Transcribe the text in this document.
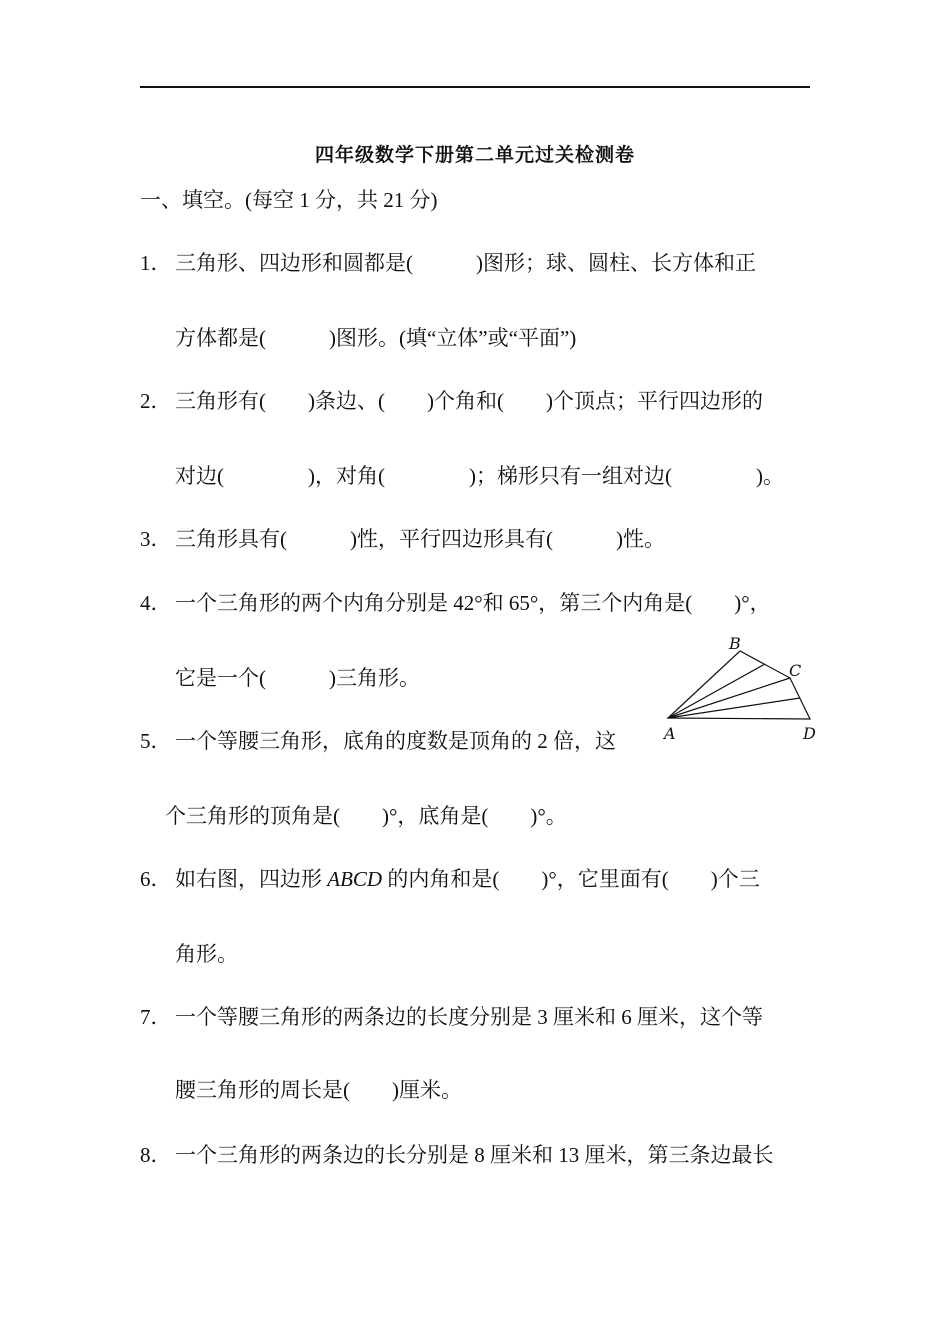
四年级数学下册第二单元过关检测卷
一、填空。(每空 1 分，共 21 分)
1． 三角形、四边形和圆都是(　　　)图形；球、圆柱、长方体和正
方体都是(　　　)图形。(填“立体”或“平面”)
2． 三角形有(　　)条边、(　　)个角和(　　)个顶点；平行四边形的
对边(　　　　)，对角(　　　　)；梯形只有一组对边(　　　　)。
3． 三角形具有(　　　)性，平行四边形具有(　　　)性。
4． 一个三角形的两个内角分别是 42°和 65°，第三个内角是(　　)°，
它是一个(　　　)三角形。
5． 一个等腰三角形，底角的度数是顶角的 2 倍，这
个三角形的顶角是(　　)°，底角是(　　)°。
6． 如右图，四边形 ABCD 的内角和是(　　)°，它里面有(　　)个三
角形。
7． 一个等腰三角形的两条边的长度分别是 3 厘米和 6 厘米，这个等
腰三角形的周长是(　　)厘米。
8． 一个三角形的两条边的长分别是 8 厘米和 13 厘米，第三条边最长
A
B
C
D
